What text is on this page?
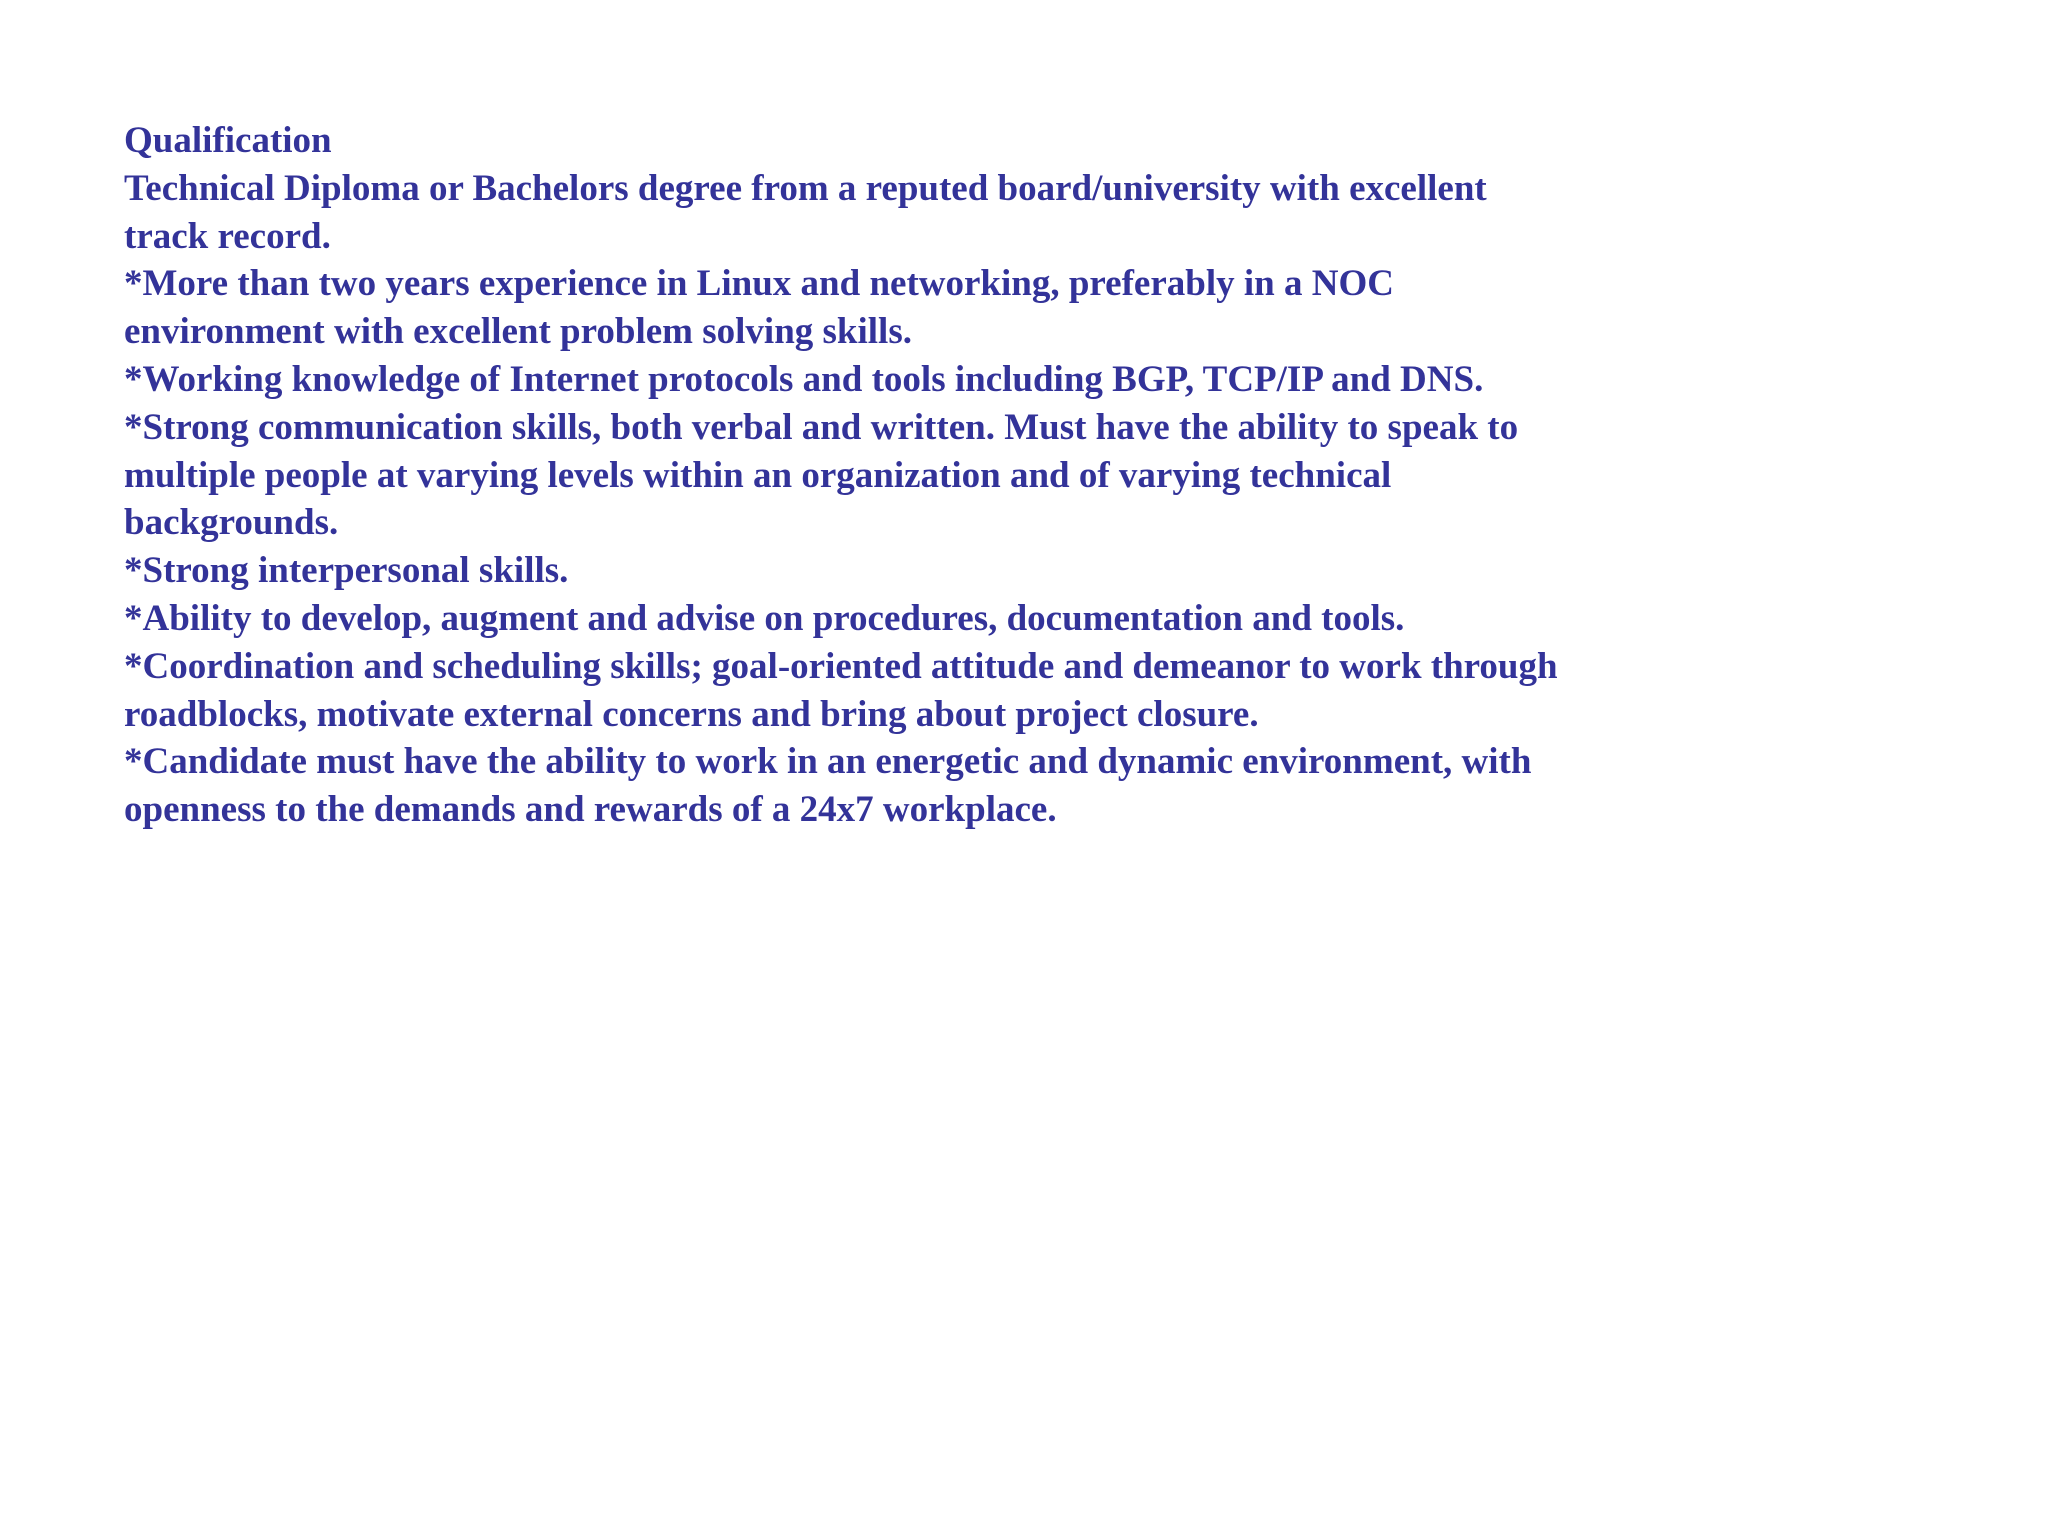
Qualification
Technical Diploma or Bachelors degree from a reputed board/university with excellent
track record.
*More than two years experience in Linux and networking, preferably in a NOC
environment with excellent problem solving skills.
*Working knowledge of Internet protocols and tools including BGP, TCP/IP and DNS.
*Strong communication skills, both verbal and written. Must have the ability to speak to
multiple people at varying levels within an organization and of varying technical
backgrounds.
*Strong interpersonal skills.
*Ability to develop, augment and advise on procedures, documentation and tools.
*Coordination and scheduling skills; goal-oriented attitude and demeanor to work through
roadblocks, motivate external concerns and bring about project closure.
*Candidate must have the ability to work in an energetic and dynamic environment, with
openness to the demands and rewards of a 24x7 workplace.
